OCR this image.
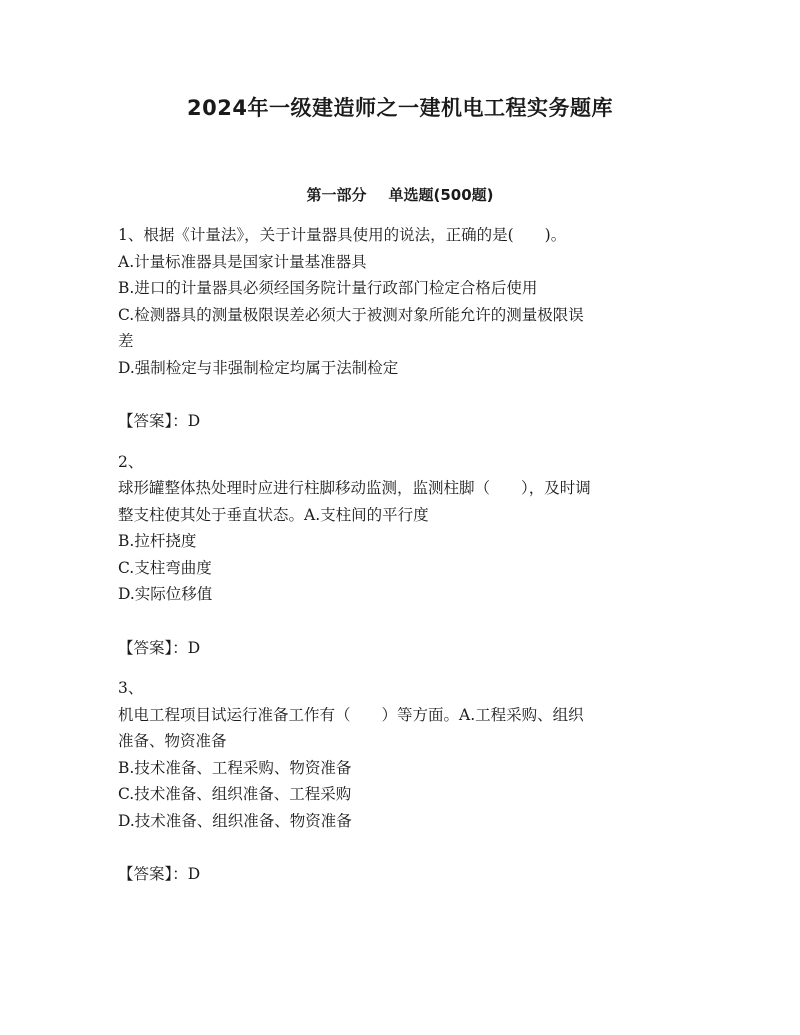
2024年一级建造师之一建机电工程实务题库
第一部分 单选题(500题)
1、根据《计量法》，关于计量器具使用的说法，正确的是(　　)。
A.计量标准器具是国家计量基准器具
B.进口的计量器具必须经国务院计量行政部门检定合格后使用
C.检测器具的测量极限误差必须大于被测对象所能允许的测量极限误
差
D.强制检定与非强制检定均属于法制检定
【答案】：D
2、
球形罐整体热处理时应进行柱脚移动监测，监测柱脚（　　），及时调
整支柱使其处于垂直状态。A.支柱间的平行度
B.拉杆挠度
C.支柱弯曲度
D.实际位移值
【答案】：D
3、
机电工程项目试运行准备工作有（　　）等方面。A.工程采购、组织
准备、物资准备
B.技术准备、工程采购、物资准备
C.技术准备、组织准备、工程采购
D.技术准备、组织准备、物资准备
【答案】：D
